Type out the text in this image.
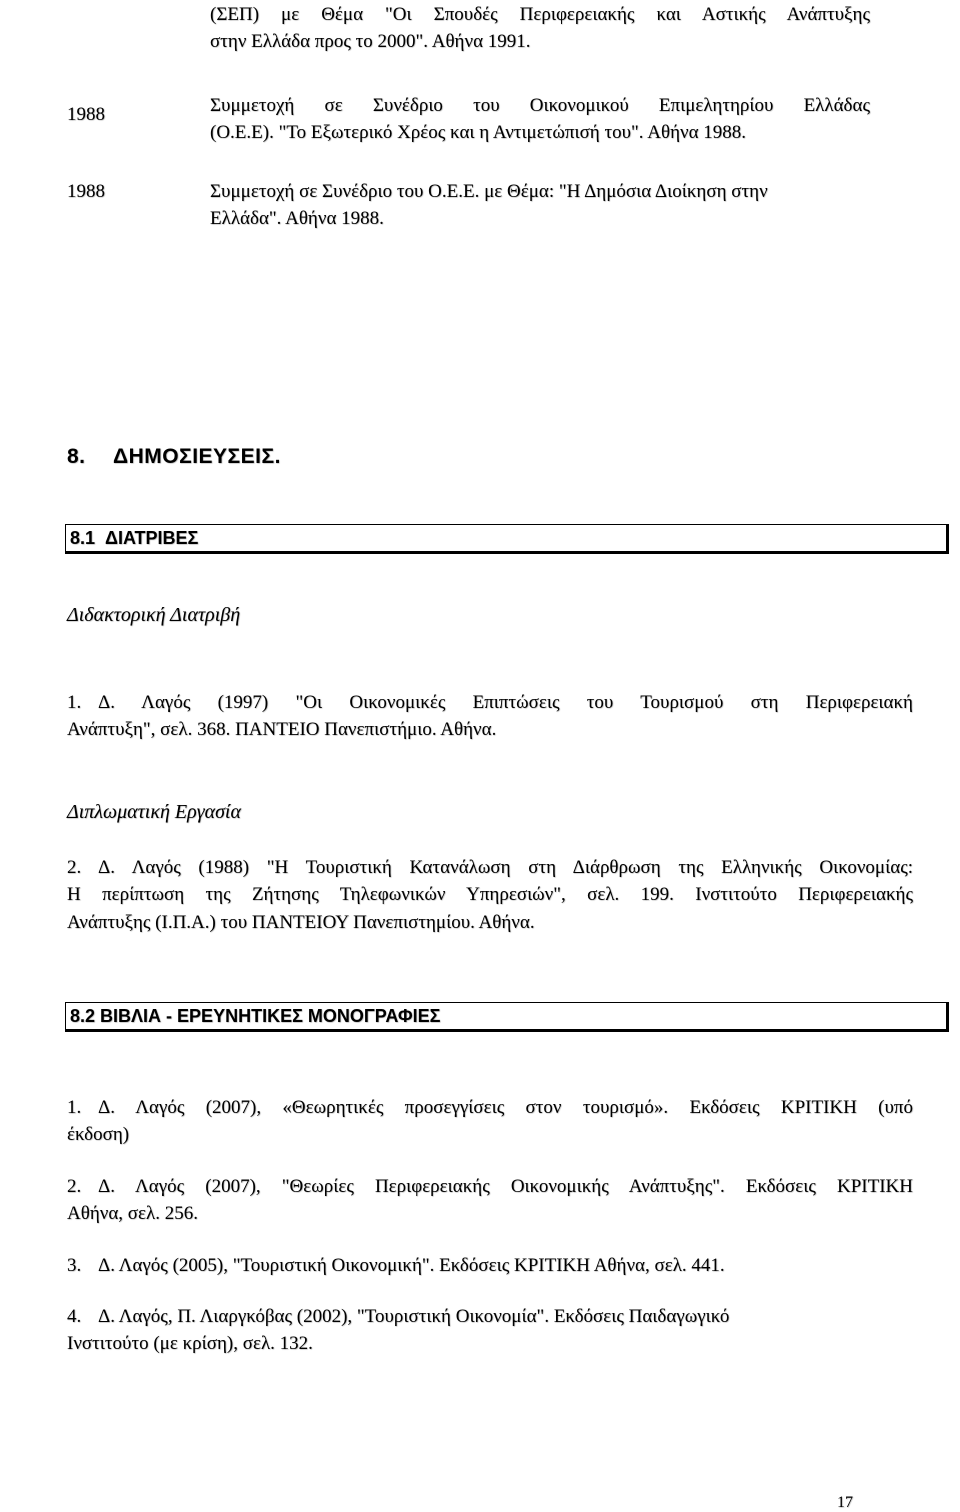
(ΣΕΠ) με Θέμα "Οι Σπουδές Περιφερειακής και Αστικής Ανάπτυξης
στην Ελλάδα προς το 2000". Αθήνα 1991.
1988	Συμμετοχή σε Συνέδριο του Οικονομικού Επιμελητηρίου Ελλάδας
(Ο.Ε.Ε). "Το Εξωτερικό Χρέος και η Αντιμετώπισή του". Αθήνα 1988.
1988	Συμμετοχή σε Συνέδριο του Ο.Ε.Ε. με Θέμα: "Η Δημόσια Διοίκηση στην
Ελλάδα". Αθήνα 1988.
8. ΔΗΜΟΣΙΕΥΣΕΙΣ.
8.1 ΔΙΑΤΡΙΒΕΣ
Διδακτορική Διατριβή
1. Δ. Λαγός (1997) "Οι Οικονομικές Επιπτώσεις του Τουρισμού στη Περιφερειακή
Ανάπτυξη", σελ. 368. ΠΑΝΤΕΙΟ Πανεπιστήμιο. Αθήνα.
Διπλωματική Εργασία
2. Δ. Λαγός (1988) "Η Τουριστική Κατανάλωση στη Διάρθρωση της Ελληνικής Οικονομίας:
Η περίπτωση της Ζήτησης Τηλεφωνικών Υπηρεσιών", σελ. 199. Ινστιτούτο Περιφερειακής
Ανάπτυξης (Ι.Π.Α.) του ΠΑΝΤΕΙΟΥ Πανεπιστημίου. Αθήνα.
8.2 ΒΙΒΛΙΑ - ΕΡΕΥΝΗΤΙΚΕΣ ΜΟΝΟΓΡΑΦΙΕΣ
1. Δ. Λαγός (2007), «Θεωρητικές προσεγγίσεις στον τουρισμό». Εκδόσεις ΚΡΙΤΙΚΗ (υπό
έκδοση)
2. Δ. Λαγός (2007), "Θεωρίες Περιφερειακής Οικονομικής Ανάπτυξης". Εκδόσεις ΚΡΙΤΙΚΗ
Αθήνα, σελ. 256.
3. Δ. Λαγός (2005), "Τουριστική Οικονομική". Εκδόσεις ΚΡΙΤΙΚΗ Αθήνα, σελ. 441.
4. Δ. Λαγός, Π. Λιαργκόβας (2002), "Τουριστική Οικονομία". Εκδόσεις Παιδαγωγικό
Ινστιτούτο (με κρίση), σελ. 132.
17
